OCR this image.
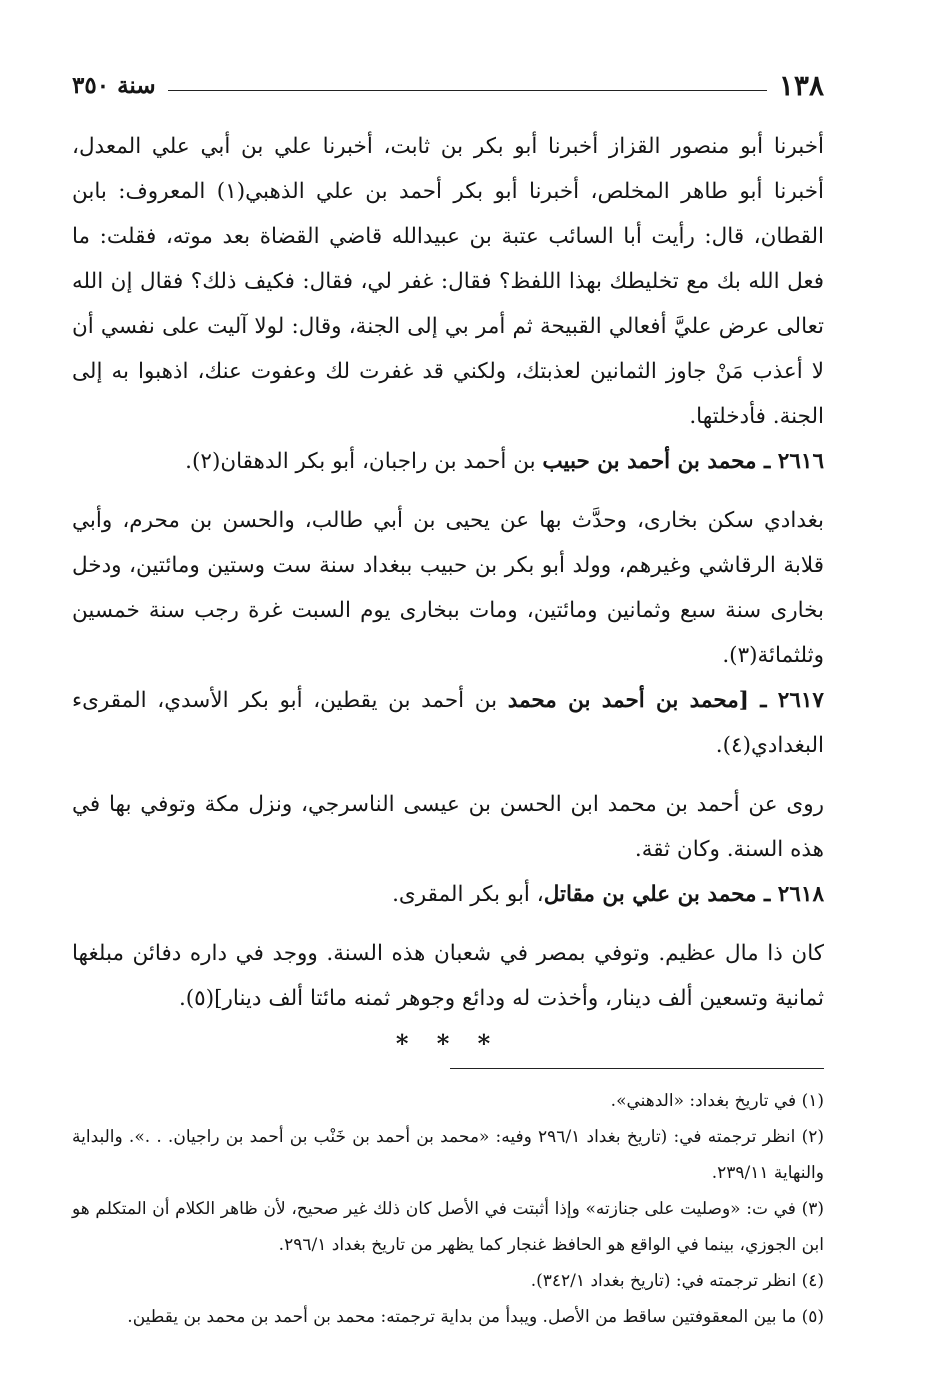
١٣٨
سنة ٣٥٠

أخبرنا أبو منصور القزاز أخبرنا أبو بكر بن ثابت، أخبرنا علي بن أبي علي المعدل، أخبرنا أبو طاهر المخلص، أخبرنا أبو بكر أحمد بن علي الذهبي(١) المعروف: بابن القطان، قال: رأيت أبا السائب عتبة بن عبيدالله قاضي القضاة بعد موته، فقلت: ما فعل الله بك مع تخليطك بهذا اللفظ؟ فقال: غفر لي، فقال: فكيف ذلك؟ فقال إن الله تعالى عرض عليَّ أفعالي القبيحة ثم أمر بي إلى الجنة، وقال: لولا آليت على نفسي أن لا أعذب مَنْ جاوز الثمانين لعذبتك، ولكني قد غفرت لك وعفوت عنك، اذهبوا به إلى الجنة. فأدخلتها.

٢٦١٦ ـ محمد بن أحمد بن حبيب بن أحمد بن راجبان، أبو بكر الدهقان(٢).

بغدادي سكن بخارى، وحدَّث بها عن يحيى بن أبي طالب، والحسن بن محرم، وأبي قلابة الرقاشي وغيرهم، وولد أبو بكر بن حبيب ببغداد سنة ست وستين ومائتين، ودخل بخارى سنة سبع وثمانين ومائتين، ومات ببخارى يوم السبت غرة رجب سنة خمسين وثلثمائة(٣).

٢٦١٧ ـ [محمد بن أحمد بن محمد بن أحمد بن يقطين، أبو بكر الأسدي، المقرىء البغدادي(٤).

روى عن أحمد بن محمد ابن الحسن بن عيسى الناسرجي، ونزل مكة وتوفي بها في هذه السنة. وكان ثقة.

٢٦١٨ ـ محمد بن علي بن مقاتل، أبو بكر المقرى.

كان ذا مال عظيم. وتوفي بمصر في شعبان هذه السنة. ووجد في داره دفائن مبلغها ثمانية وتسعين ألف دينار، وأخذت له ودائع وجوهر ثمنه مائتا ألف دينار](٥).

* * *

(١) في تاريخ بغداد: «الدهني».

(٢) انظر ترجمته في: (تاريخ بغداد ٢٩٦/١ وفيه: «محمد بن أحمد بن خَنْب بن أحمد بن راجيان. . .». والبداية والنهاية ٢٣٩/١١.

(٣) في ت: «وصليت على جنازته» وإذا أثبتت في الأصل كان ذلك غير صحيح، لأن ظاهر الكلام أن المتكلم هو ابن الجوزي، بينما في الواقع هو الحافظ غنجار كما يظهر من تاريخ بغداد ٢٩٦/١.

(٤) انظر ترجمته في: (تاريخ بغداد ٣٤٢/١).

(٥) ما بين المعقوفتين ساقط من الأصل. ويبدأ من بداية ترجمته: محمد بن أحمد بن محمد بن يقطين.
